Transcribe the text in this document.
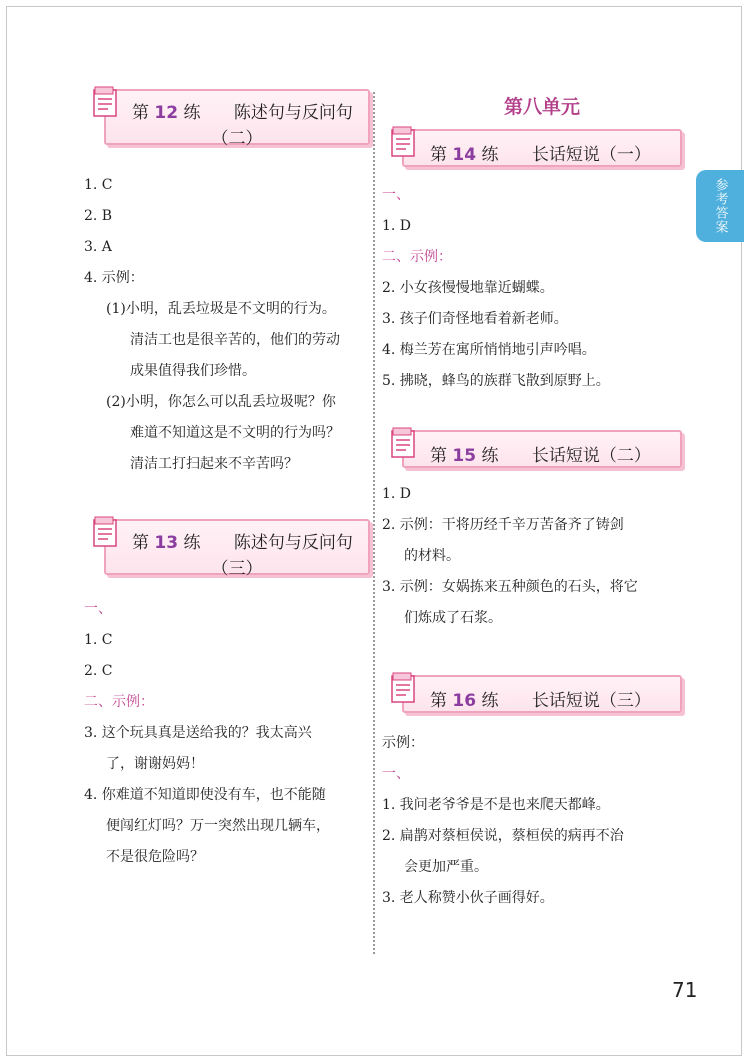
第 12 练 陈述句与反问句
（二）
1. C
2. B
3. A
4. 示例：
(1)小明，乱丢垃圾是不文明的行为。
清洁工也是很辛苦的，他们的劳动
成果值得我们珍惜。
(2)小明，你怎么可以乱丢垃圾呢？你
难道不知道这是不文明的行为吗？
清洁工打扫起来不辛苦吗？
第 13 练 陈述句与反问句
（三）
一、
1. C
2. C
二、示例：
3. 这个玩具真是送给我的？我太高兴
了，谢谢妈妈！
4. 你难道不知道即使没有车，也不能随
便闯红灯吗？万一突然出现几辆车，
不是很危险吗？
第八单元
第 14 练 长话短说（一）
一、
1. D
二、示例：
2. 小女孩慢慢地靠近蝴蝶。
3. 孩子们奇怪地看着新老师。
4. 梅兰芳在寓所悄悄地引声吟唱。
5. 拂晓，蜂鸟的族群飞散到原野上。
第 15 练 长话短说（二）
1. D
2. 示例：干将历经千辛万苦备齐了铸剑
的材料。
3. 示例：女娲拣来五种颜色的石头，将它
们炼成了石浆。
第 16 练 长话短说（三）
示例：
一、
1. 我问老爷爷是不是也来爬天都峰。
2. 扁鹊对蔡桓侯说，蔡桓侯的病再不治
会更加严重。
3. 老人称赞小伙子画得好。
参考答案
71
